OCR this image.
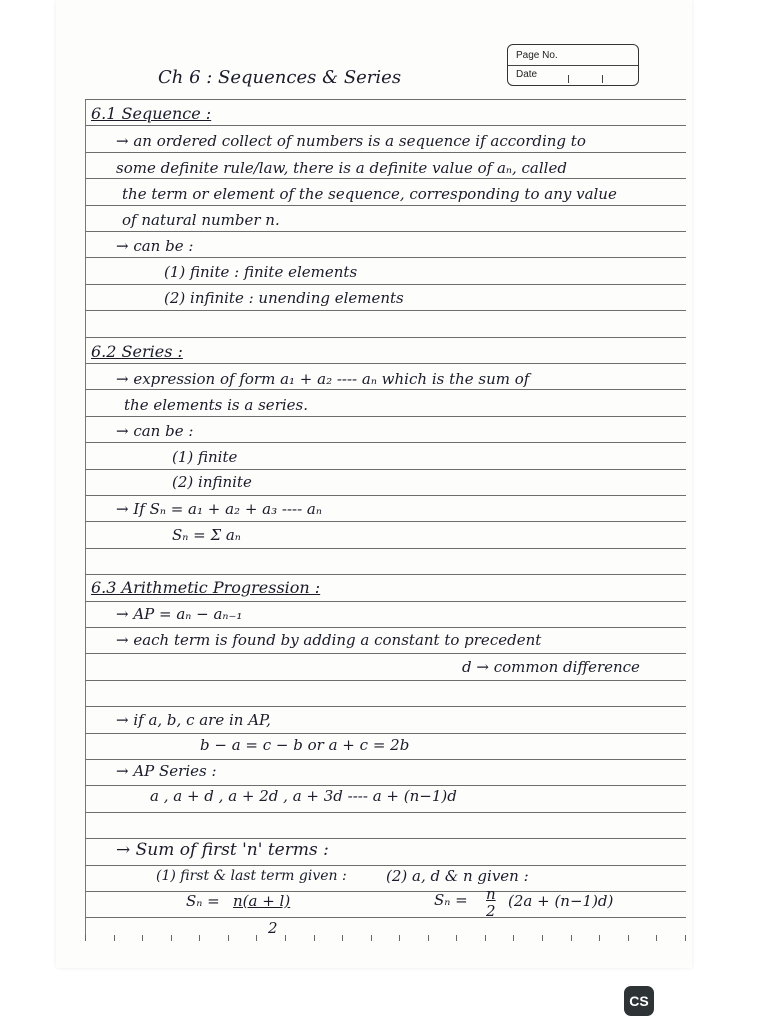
Page No.
Date
Ch 6 : Sequences & Series
6.1 Sequence :
→ an ordered collect of numbers is a sequence if according to
some definite rule/law, there is a definite value of aₙ, called
the term or element of the sequence, corresponding to any value
of natural number n.
→ can be :
(1) finite : finite elements
(2) infinite : unending elements
6.2 Series :
→ expression of form a₁ + a₂ ---- aₙ which is the sum of
the elements is a series.
→ can be :
(1) finite
(2) infinite
→ If Sₙ = a₁ + a₂ + a₃ ---- aₙ
Sₙ = Σ aₙ
6.3 Arithmetic Progression :
→ AP = aₙ − aₙ₋₁
→ each term is found by adding a constant to precedent
d → common difference
→ if a, b, c are in AP,
b − a = c − b or a + c = 2b
→ AP Series :
a , a + d , a + 2d , a + 3d ---- a + (n−1)d
→ Sum of first 'n' terms :
(1) first & last term given :	(2) a, d & n given :
Sₙ = n(a + l)
2
Sₙ = n
2
(2a + (n−1)d)
CS
